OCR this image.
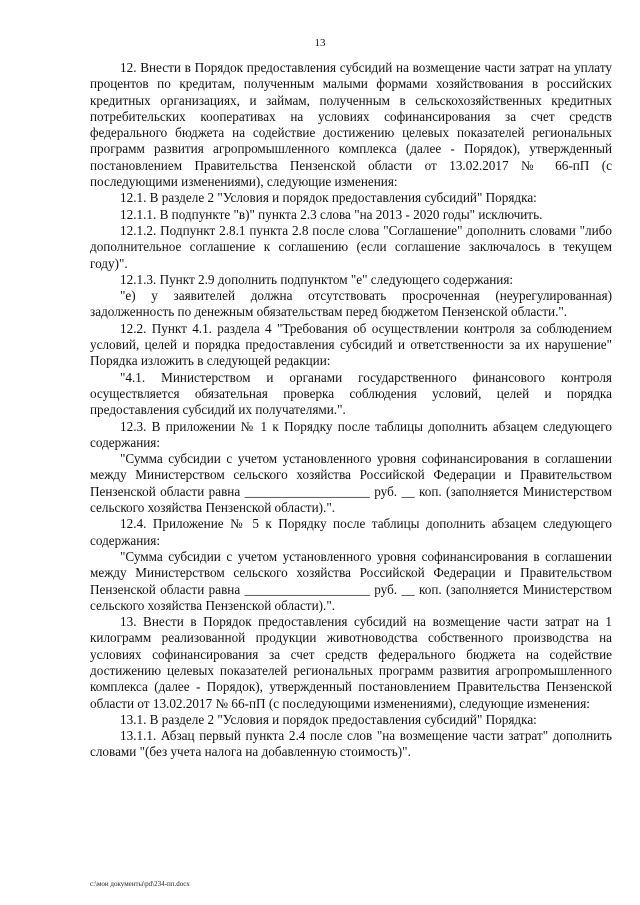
13

12. Внести в Порядок предоставления субсидий на возмещение части затрат на уплату процентов по кредитам, полученным малыми формами хозяйствования в российских кредитных организациях, и займам, полученным в сельскохозяйственных кредитных потребительских кооперативах на условиях софинансирования за счет средств федерального бюджета на содействие достижению целевых показателей региональных программ развития агропромышленного комплекса (далее - Порядок), утвержденный постановлением Правительства Пензенской области от 13.02.2017 № 66-пП (с последующими изменениями), следующие изменения:

12.1. В разделе 2 "Условия и порядок предоставления субсидий" Порядка:

12.1.1. В подпункте "в)" пункта 2.3 слова "на 2013 - 2020 годы" исключить.

12.1.2. Подпункт 2.8.1 пункта 2.8 после слова "Соглашение" дополнить словами "либо дополнительное соглашение к соглашению (если соглашение заключалось в текущем году)".

12.1.3. Пункт 2.9 дополнить подпунктом "е" следующего содержания:

"е) у заявителей должна отсутствовать просроченная (неурегулированная) задолженность по денежным обязательствам перед бюджетом Пензенской области.".

12.2. Пункт 4.1. раздела 4 "Требования об осуществлении контроля за соблюдением условий, целей и порядка предоставления субсидий и ответственности за их нарушение" Порядка изложить в следующей редакции:

"4.1. Министерством и органами государственного финансового контроля осуществляется обязательная проверка соблюдения условий, целей и порядка предоставления субсидий их получателями.".

12.3. В приложении № 1 к Порядку после таблицы дополнить абзацем следующего содержания:

"Сумма субсидии с учетом установленного уровня софинансирования в соглашении между Министерством сельского хозяйства Российской Федерации и Правительством Пензенской области равна ___________________ руб. __ коп. (заполняется Министерством сельского хозяйства Пензенской области).".

12.4. Приложение № 5 к Порядку после таблицы дополнить абзацем следующего содержания:

"Сумма субсидии с учетом установленного уровня софинансирования в соглашении между Министерством сельского хозяйства Российской Федерации и Правительством Пензенской области равна ___________________ руб. __ коп. (заполняется Министерством сельского хозяйства Пензенской области).".

13. Внести в Порядок предоставления субсидий на возмещение части затрат на 1 килограмм реализованной продукции животноводства собственного производства на условиях софинансирования за счет средств федерального бюджета на содействие достижению целевых показателей региональных программ развития агропромышленного комплекса (далее - Порядок), утвержденный постановлением Правительства Пензенской области от 13.02.2017 № 66-пП (с последующими изменениями), следующие изменения:

13.1. В разделе 2 "Условия и порядок предоставления субсидий" Порядка:

13.1.1. Абзац первый пункта 2.4 после слов "на возмещение части затрат" дополнить словами "(без учета налога на добавленную стоимость)".

c:\мои документы\рd\234-пп.docx
